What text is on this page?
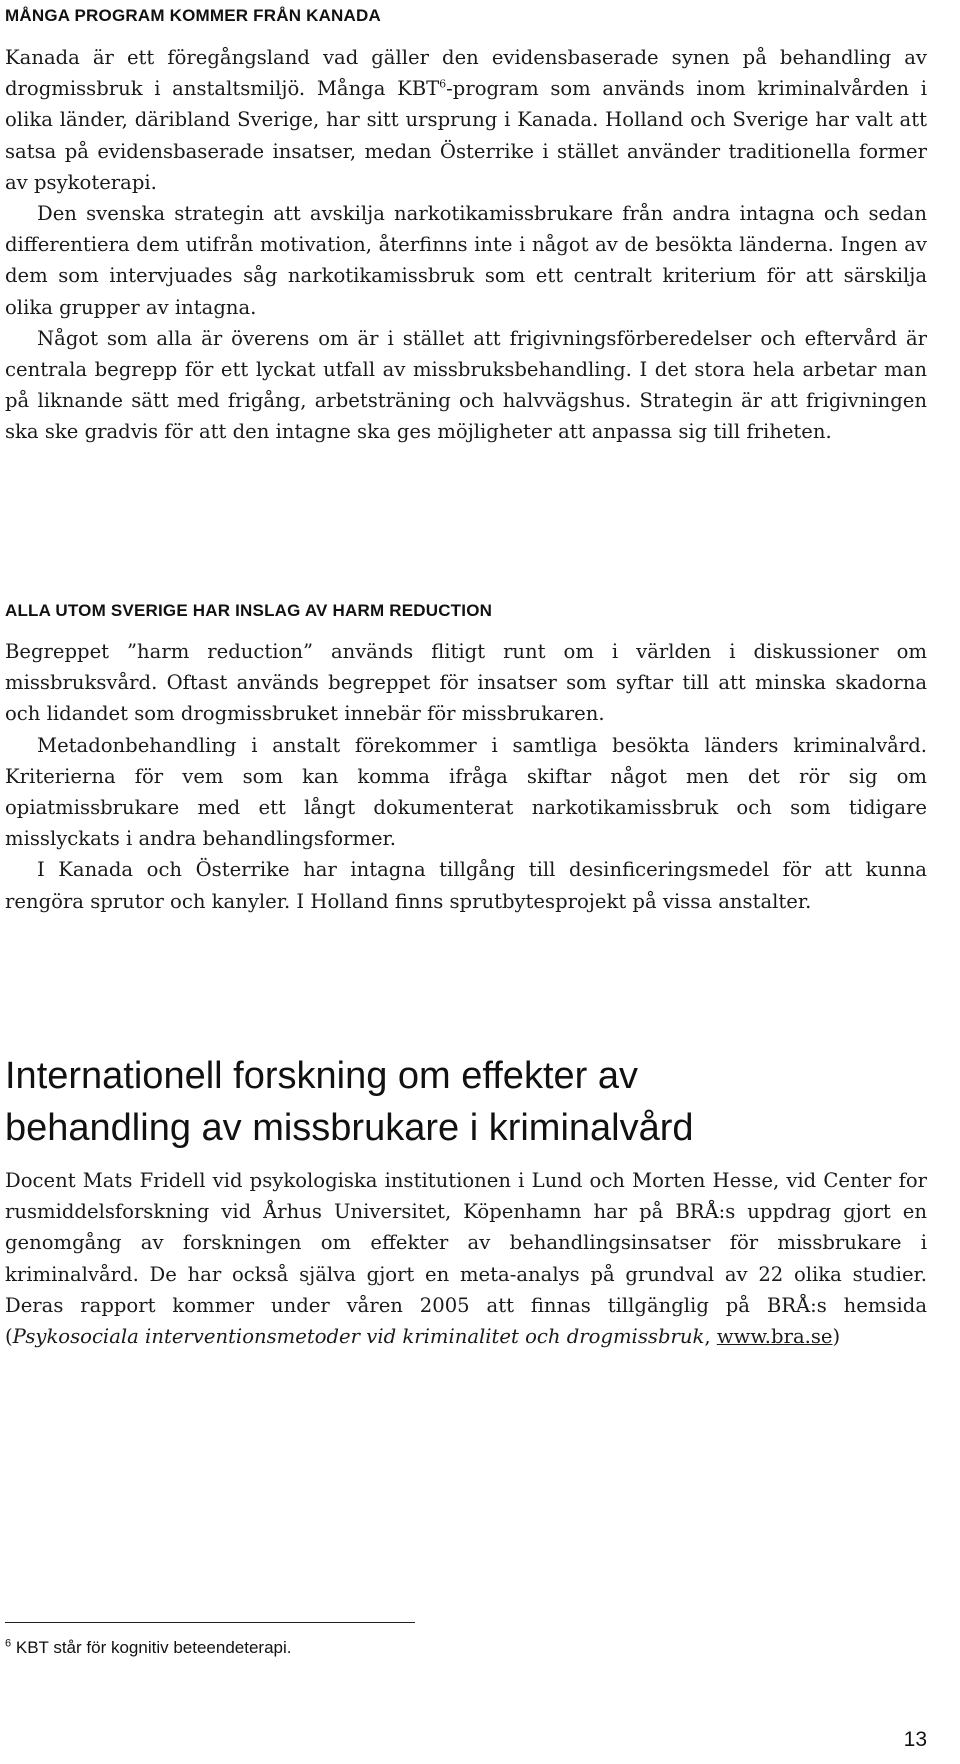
MÅNGA PROGRAM KOMMER FRÅN KANADA

Kanada är ett föregångsland vad gäller den evidensbaserade synen på behandling av drogmissbruk i anstaltsmiljö. Många KBT$^6$-program som används inom kriminalvården i olika länder, däribland Sverige, har sitt ursprung i Kanada. Holland och Sverige har valt att satsa på evidensbaserade insatser, medan Österrike i stället använder traditionella former av psykoterapi.

Den svenska strategin att avskilja narkotikamissbrukare från andra intagna och sedan differentiera dem utifrån motivation, återfinns inte i något av de besökta länderna. Ingen av dem som intervjuades såg narkotikamissbruk som ett centralt kriterium för att särskilja olika grupper av intagna.

Något som alla är överens om är i stället att frigivningsförberedelser och eftervård är centrala begrepp för ett lyckat utfall av missbruksbehandling. I det stora hela arbetar man på liknande sätt med frigång, arbetsträning och halvvägshus. Strategin är att frigivningen ska ske gradvis för att den intagne ska ges möjligheter att anpassa sig till friheten.

ALLA UTOM SVERIGE HAR INSLAG AV HARM REDUCTION

Begreppet ”harm reduction” används flitigt runt om i världen i diskussioner om missbruksvård. Oftast används begreppet för insatser som syftar till att minska skadorna och lidandet som drogmissbruket innebär för missbrukaren.

Metadonbehandling i anstalt förekommer i samtliga besökta länders kriminalvård. Kriterierna för vem som kan komma ifråga skiftar något men det rör sig om opiatmissbrukare med ett långt dokumenterat narkotikamissbruk och som tidigare misslyckats i andra behandlingsformer.

I Kanada och Österrike har intagna tillgång till desinficeringsmedel för att kunna rengöra sprutor och kanyler. I Holland finns sprutbytesprojekt på vissa anstalter.

Internationell forskning om effekter av
behandling av missbrukare i kriminalvård

Docent Mats Fridell vid psykologiska institutionen i Lund och Morten Hesse, vid Center for rusmiddelsforskning vid Århus Universitet, Köpenhamn har på BRÅ:s uppdrag gjort en genomgång av forskningen om effekter av behandlingsinsatser för missbrukare i kriminalvård. De har också själva gjort en meta-analys på grundval av 22 olika studier. Deras rapport kommer under våren 2005 att finnas tillgänglig på BRÅ:s hemsida (Psykosociala interventionsmetoder vid kriminalitet och drogmissbruk, www.bra.se)

$^6$ KBT står för kognitiv beteendeterapi.

13
